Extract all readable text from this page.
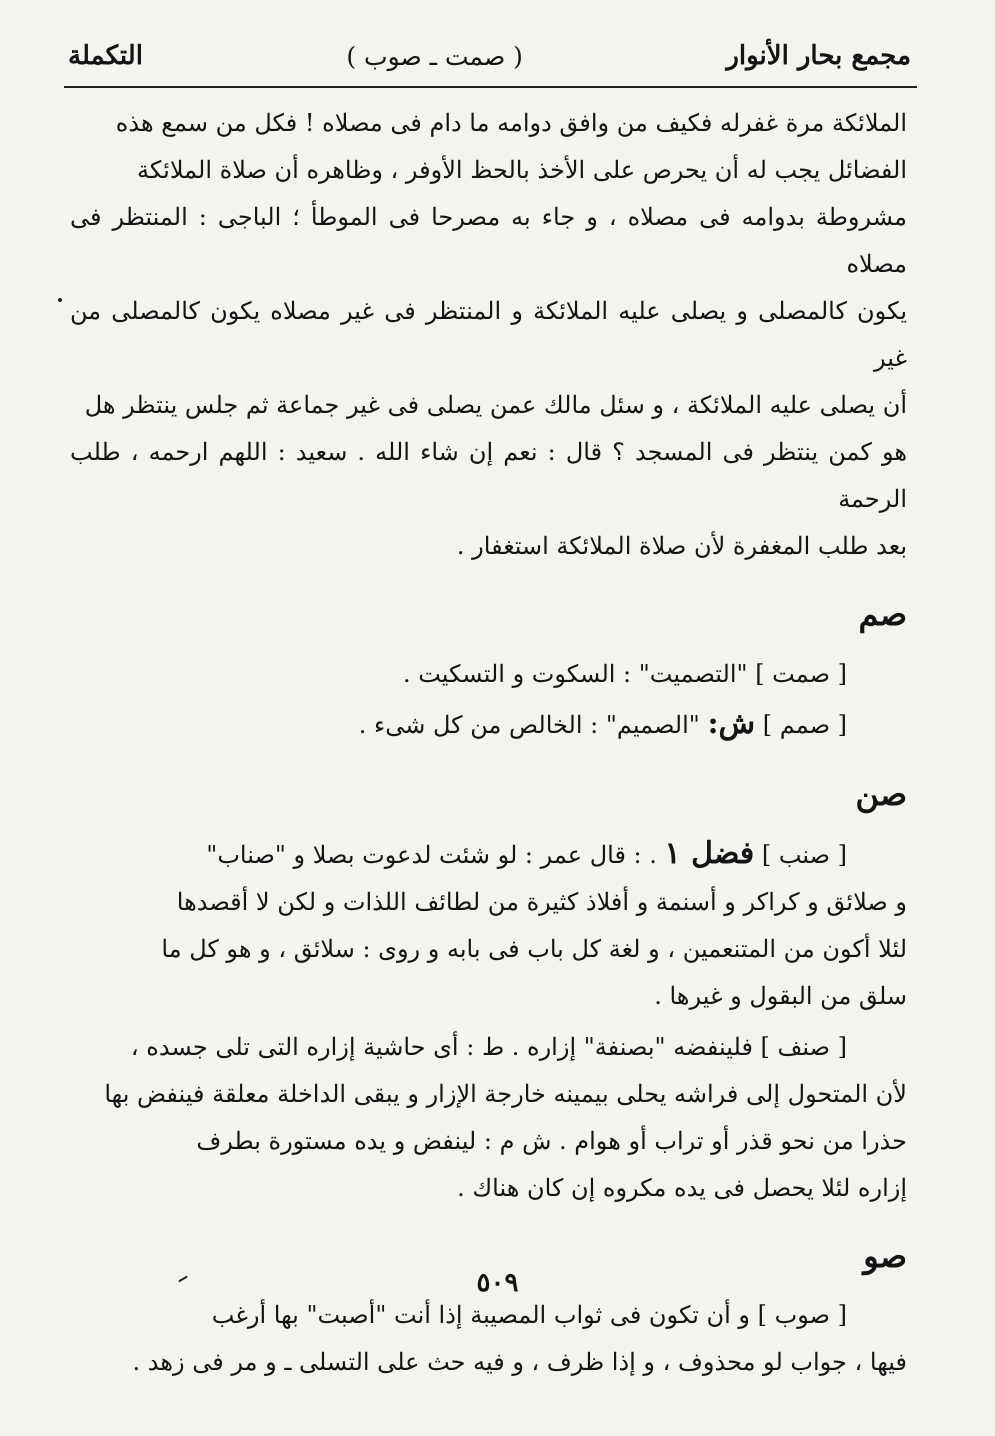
مجمع بحار الأنوار
( صمت ـ صوب )
التكملة

الملائكة مرة غفرله فكيف من وافق دوامه ما دام فى مصلاه ! فكل من سمع هذه

الفضائل يجب له أن يحرص على الأخذ بالحظ الأوفر ، وظاهره أن صلاة الملائكة

مشروطة بدوامه فى مصلاه ، و جاء به مصرحا فى الموطأ ؛ الباجى : المنتظر فى مصلاه

يكون كالمصلى و يصلى عليه الملائكة و المنتظر فى غير مصلاه يكون كالمصلى من غير

أن يصلى عليه الملائكة ، و سئل مالك عمن يصلى فى غير جماعة ثم جلس ينتظر هل

هو كمن ينتظر فى المسجد ؟ قال : نعم إن شاء الله . سعيد : اللهم ارحمه ، طلب الرحمة

بعد طلب المغفرة لأن صلاة الملائكة استغفار .

صم

[ صمت ] "التصميت" : السكوت و التسكيت .

[ صمم ] ش: "الصميم" : الخالص من كل شىء .

صن

[ صنب ] فضل ١ . : قال عمر : لو شئت لدعوت بصلا و "صناب"

و صلائق و كراكر و أسنمة و أفلاذ كثيرة من لطائف اللذات و لكن لا أقصدها

لئلا أكون من المتنعمين ، و لغة كل باب فى بابه و روى : سلائق ، و هو كل ما

سلق من البقول و غيرها .

[ صنف ] فلينفضه "بصنفة" إزاره . ط : أى حاشية إزاره التى تلى جسده ،

لأن المتحول إلى فراشه يحلى بيمينه خارجة الإزار و يبقى الداخلة معلقة فينفض بها

حذرا من نحو قذر أو تراب أو هوام . ش م : لينفض و يده مستورة بطرف

إزاره لئلا يحصل فى يده مكروه إن كان هناك .

صو

[ صوب ] و أن تكون فى ثواب المصيبة إذا أنت "أصبت" بها أرغب

فيها ، جواب لو محذوف ، و إذا ظرف ، و فيه حث على التسلى ـ و مر فى زهد .

٥٠٩
